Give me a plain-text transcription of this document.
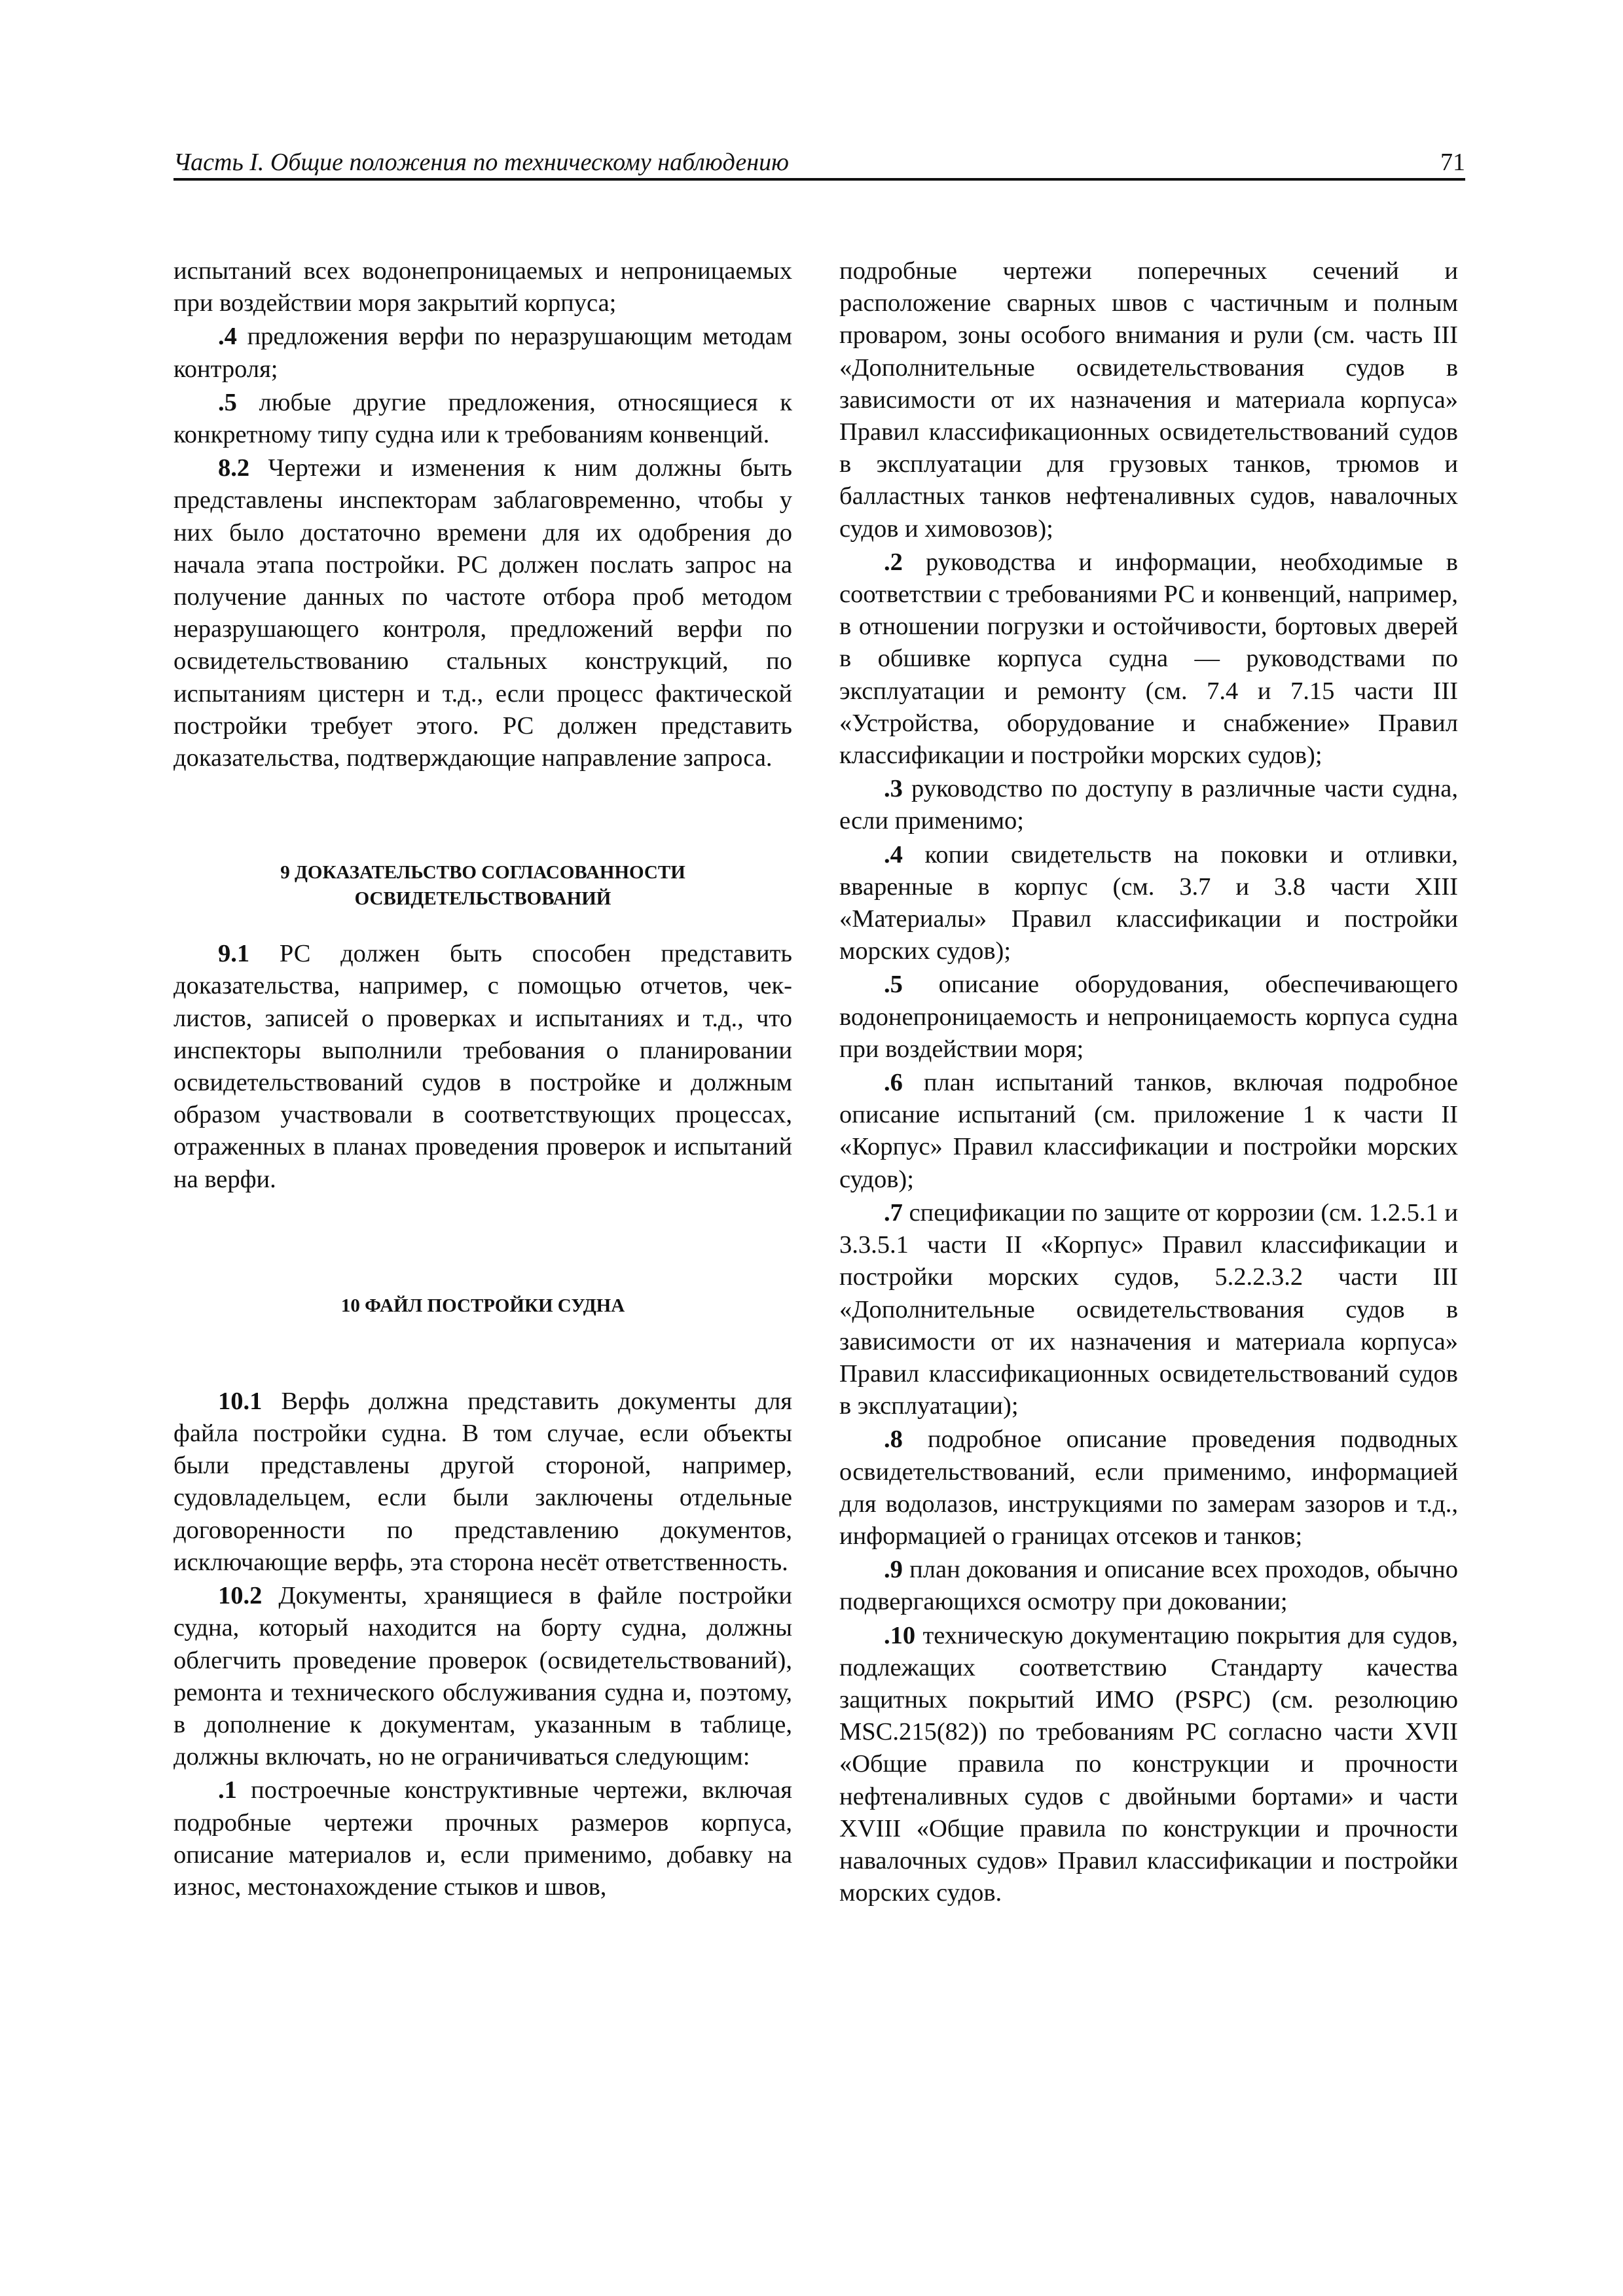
Часть I. Общие положения по техническому наблюдению	71

испытаний всех водонепроницаемых и непроницаемых при воздействии моря закрытий корпуса;

.4 предложения верфи по неразрушающим методам контроля;

.5 любые другие предложения, относящиеся к конкретному типу судна или к требованиям конвенций.

8.2 Чертежи и изменения к ним должны быть представлены инспекторам заблаговременно, чтобы у них было достаточно времени для их одобрения до начала этапа постройки. РС должен послать запрос на получение данных по частоте отбора проб методом неразрушающего контроля, предложений верфи по освидетельствованию стальных конструкций, по испытаниям цистерн и т.д., если процесс фактической постройки требует этого. РС должен представить доказательства, подтверждающие направление запроса.

9 ДОКАЗАТЕЛЬСТВО СОГЛАСОВАННОСТИ
ОСВИДЕТЕЛЬСТВОВАНИЙ

9.1 РС должен быть способен представить доказательства, например, с помощью отчетов, чек-листов, записей о проверках и испытаниях и т.д., что инспекторы выполнили требования о планировании освидетельствований судов в постройке и должным образом участвовали в соответствующих процессах, отраженных в планах проведения проверок и испытаний на верфи.

10 ФАЙЛ ПОСТРОЙКИ СУДНА

10.1 Верфь должна представить документы для файла постройки судна. В том случае, если объекты были представлены другой стороной, например, судовладельцем, если были заключены отдельные договоренности по представлению документов, исключающие верфь, эта сторона несёт ответственность.

10.2 Документы, хранящиеся в файле постройки судна, который находится на борту судна, должны облегчить проведение проверок (освидетельствований), ремонта и технического обслуживания судна и, поэтому, в дополнение к документам, указанным в таблице, должны включать, но не ограничиваться следующим:

.1 построечные конструктивные чертежи, включая подробные чертежи прочных размеров корпуса, описание материалов и, если применимо, добавку на износ, местонахождение стыков и швов,

подробные чертежи поперечных сечений и расположение сварных швов с частичным и полным проваром, зоны особого внимания и рули (см. часть III «Дополнительные освидетельствования судов в зависимости от их назначения и материала корпуса» Правил классификационных освидетельствований судов в эксплуатации для грузовых танков, трюмов и балластных танков нефтеналивных судов, навалочных судов и химовозов);

.2 руководства и информации, необходимые в соответствии с требованиями РС и конвенций, например, в отношении погрузки и остойчивости, бортовых дверей в обшивке корпуса судна — руководствами по эксплуатации и ремонту (см. 7.4 и 7.15 части III «Устройства, оборудование и снабжение» Правил классификации и постройки морских судов);

.3 руководство по доступу в различные части судна, если применимо;

.4 копии свидетельств на поковки и отливки, вваренные в корпус (см. 3.7 и 3.8 части XIII «Материалы» Правил классификации и постройки морских судов);

.5 описание оборудования, обеспечивающего водонепроницаемость и непроницаемость корпуса судна при воздействии моря;

.6 план испытаний танков, включая подробное описание испытаний (см. приложение 1 к части II «Корпус» Правил классификации и постройки морских судов);

.7 спецификации по защите от коррозии (см. 1.2.5.1 и 3.3.5.1 части II «Корпус» Правил классификации и постройки морских судов, 5.2.2.3.2 части III «Дополнительные освидетельствования судов в зависимости от их назначения и материала корпуса» Правил классификационных освидетельствований судов в эксплуатации);

.8 подробное описание проведения подводных освидетельствований, если применимо, информацией для водолазов, инструкциями по замерам зазоров и т.д., информацией о границах отсеков и танков;

.9 план докования и описание всех проходов, обычно подвергающихся осмотру при доковании;

.10 техническую документацию покрытия для судов, подлежащих соответствию Стандарту качества защитных покрытий ИМО (PSPC) (см. резолюцию MSC.215(82)) по требованиям РС согласно части XVII «Общие правила по конструкции и прочности нефтеналивных судов с двойными бортами» и части XVIII «Общие правила по конструкции и прочности навалочных судов» Правил классификации и постройки морских судов.
